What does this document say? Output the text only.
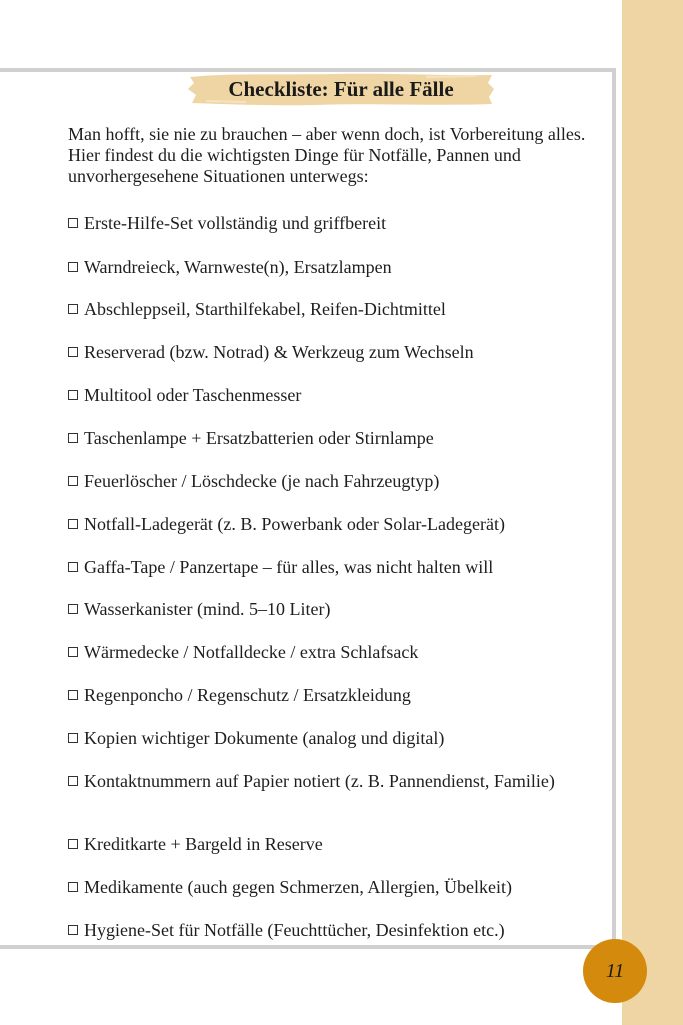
Checkliste: Für alle Fälle
Man hofft, sie nie zu brauchen – aber wenn doch, ist Vorbereitung alles. Hier findest du die wichtigsten Dinge für Notfälle, Pannen und unvorhergesehene Situationen unterwegs:
Erste-Hilfe-Set vollständig und griffbereit
Warndreieck, Warnweste(n), Ersatzlampen
Abschleppseil, Starthilfekabel, Reifen-Dichtmittel
Reserverad (bzw. Notrad) & Werkzeug zum Wechseln
Multitool oder Taschenmesser
Taschenlampe + Ersatzbatterien oder Stirnlampe
Feuerlöscher / Löschdecke (je nach Fahrzeugtyp)
Notfall-Ladegerät (z. B. Powerbank oder Solar-Ladegerät)
Gaffa-Tape / Panzertape – für alles, was nicht halten will
Wasserkanister (mind. 5–10 Liter)
Wärmedecke / Notfalldecke / extra Schlafsack
Regenponcho / Regenschutz / Ersatzkleidung
Kopien wichtiger Dokumente (analog und digital)
Kontaktnummern auf Papier notiert (z. B. Pannendienst, Familie)
Kreditkarte + Bargeld in Reserve
Medikamente (auch gegen Schmerzen, Allergien, Übelkeit)
Hygiene-Set für Notfälle (Feuchttücher, Desinfektion etc.)
11
